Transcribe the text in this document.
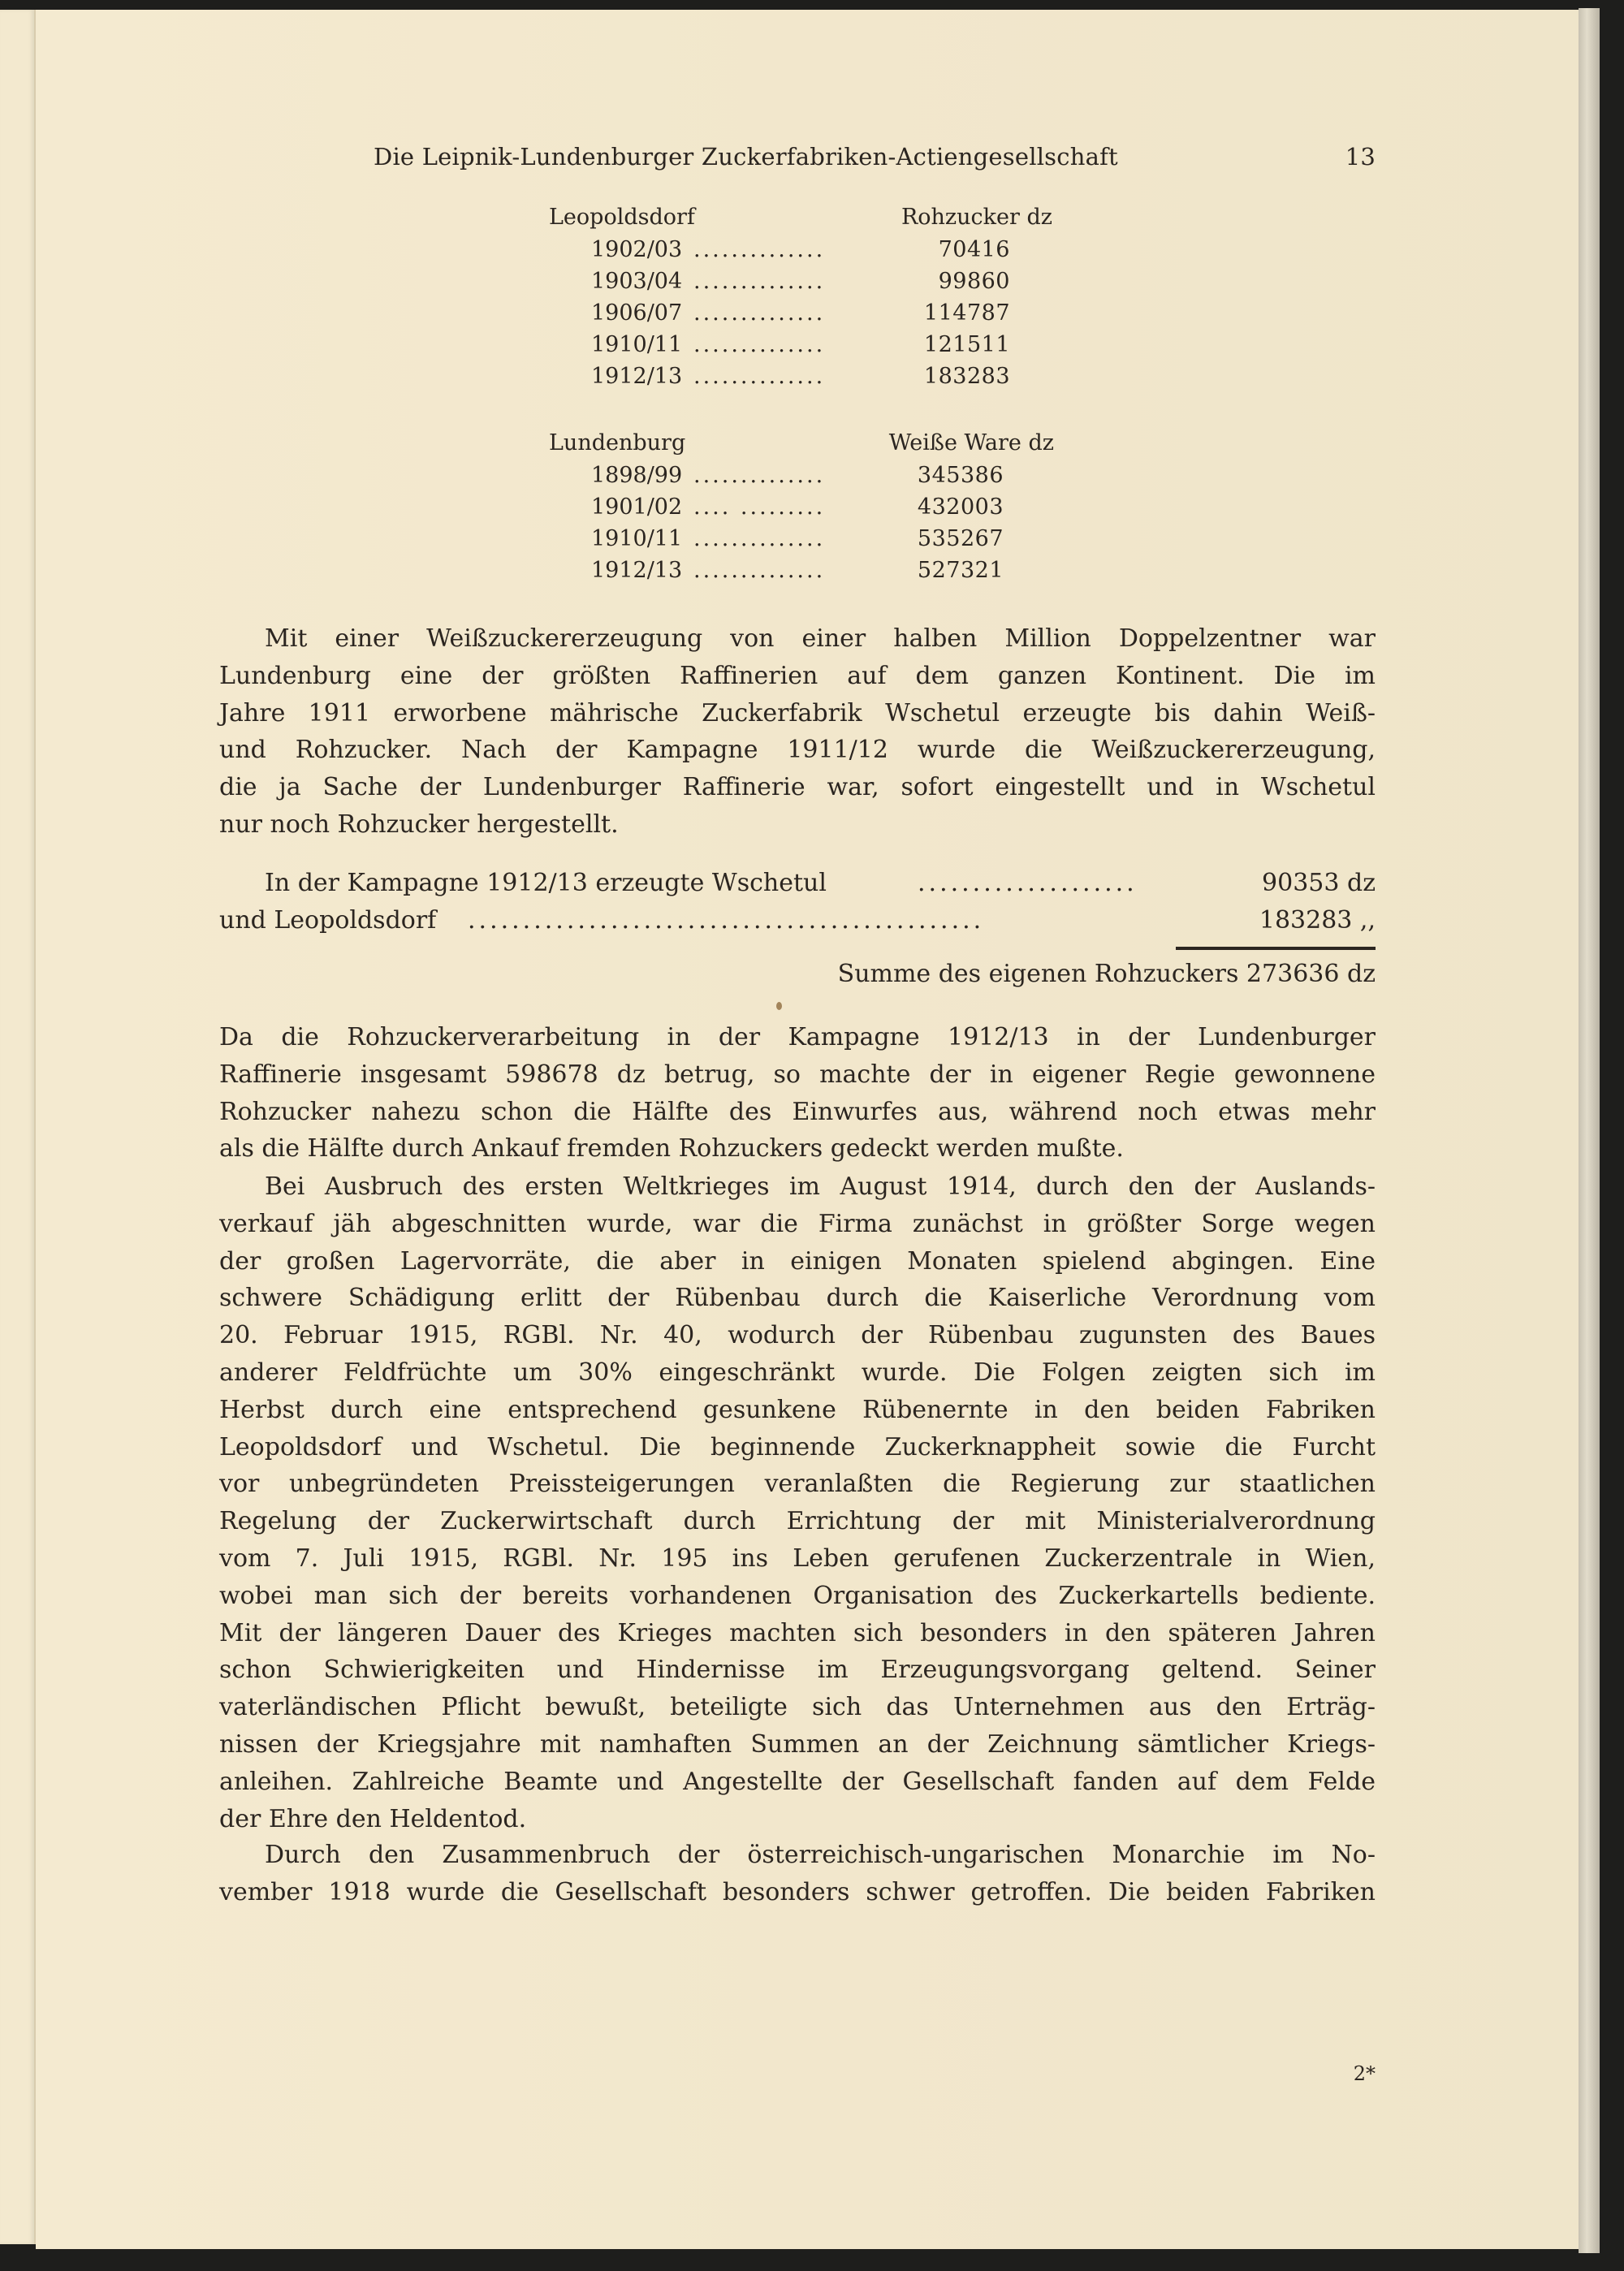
Die Leipnik-Lundenburger Zuckerfabriken-Actiengesellschaft	13
Leopoldsdorf	Rohzucker dz
1902/03 ..............	70416
1903/04 ..............	99860
1906/07 ..............	114787
1910/11 ..............	121511
1912/13 ..............	183283
Lundenburg	Weiße Ware dz
1898/99 ..............	345386
1901/02 .... .........	432003
1910/11 ..............	535267
1912/13 ..............	527321
Mit einer Weißzuckererzeugung von einer halben Million Doppelzentner war
Lundenburg eine der größten Raffinerien auf dem ganzen Kontinent. Die im
Jahre 1911 erworbene mährische Zuckerfabrik Wschetul erzeugte bis dahin Weiß-
und Rohzucker. Nach der Kampagne 1911/12 wurde die Weißzuckererzeugung,
die ja Sache der Lundenburger Raffinerie war, sofort eingestellt und in Wschetul
nur noch Rohzucker hergestellt.
In der Kampagne 1912/13 erzeugte Wschetul	....................	90353 dz
und Leopoldsdorf ...............................................	183283 ,,
Summe des eigenen Rohzuckers 273636 dz
Da die Rohzuckerverarbeitung in der Kampagne 1912/13 in der Lundenburger
Raffinerie insgesamt 598678 dz betrug, so machte der in eigener Regie gewonnene
Rohzucker nahezu schon die Hälfte des Einwurfes aus, während noch etwas mehr
als die Hälfte durch Ankauf fremden Rohzuckers gedeckt werden mußte.
Bei Ausbruch des ersten Weltkrieges im August 1914, durch den der Auslands-
verkauf jäh abgeschnitten wurde, war die Firma zunächst in größter Sorge wegen
der großen Lagervorräte, die aber in einigen Monaten spielend abgingen. Eine
schwere Schädigung erlitt der Rübenbau durch die Kaiserliche Verordnung vom
20. Februar 1915, RGBl. Nr. 40, wodurch der Rübenbau zugunsten des Baues
anderer Feldfrüchte um 30% eingeschränkt wurde. Die Folgen zeigten sich im
Herbst durch eine entsprechend gesunkene Rübenernte in den beiden Fabriken
Leopoldsdorf und Wschetul. Die beginnende Zuckerknappheit sowie die Furcht
vor unbegründeten Preissteigerungen veranlaßten die Regierung zur staatlichen
Regelung der Zuckerwirtschaft durch Errichtung der mit Ministerialverordnung
vom 7. Juli 1915, RGBl. Nr. 195 ins Leben gerufenen Zuckerzentrale in Wien,
wobei man sich der bereits vorhandenen Organisation des Zuckerkartells bediente.
Mit der längeren Dauer des Krieges machten sich besonders in den späteren Jahren
schon Schwierigkeiten und Hindernisse im Erzeugungsvorgang geltend. Seiner
vaterländischen Pflicht bewußt, beteiligte sich das Unternehmen aus den Erträg-
nissen der Kriegsjahre mit namhaften Summen an der Zeichnung sämtlicher Kriegs-
anleihen. Zahlreiche Beamte und Angestellte der Gesellschaft fanden auf dem Felde
der Ehre den Heldentod.
Durch den Zusammenbruch der österreichisch-ungarischen Monarchie im No-
vember 1918 wurde die Gesellschaft besonders schwer getroffen. Die beiden Fabriken
2*
